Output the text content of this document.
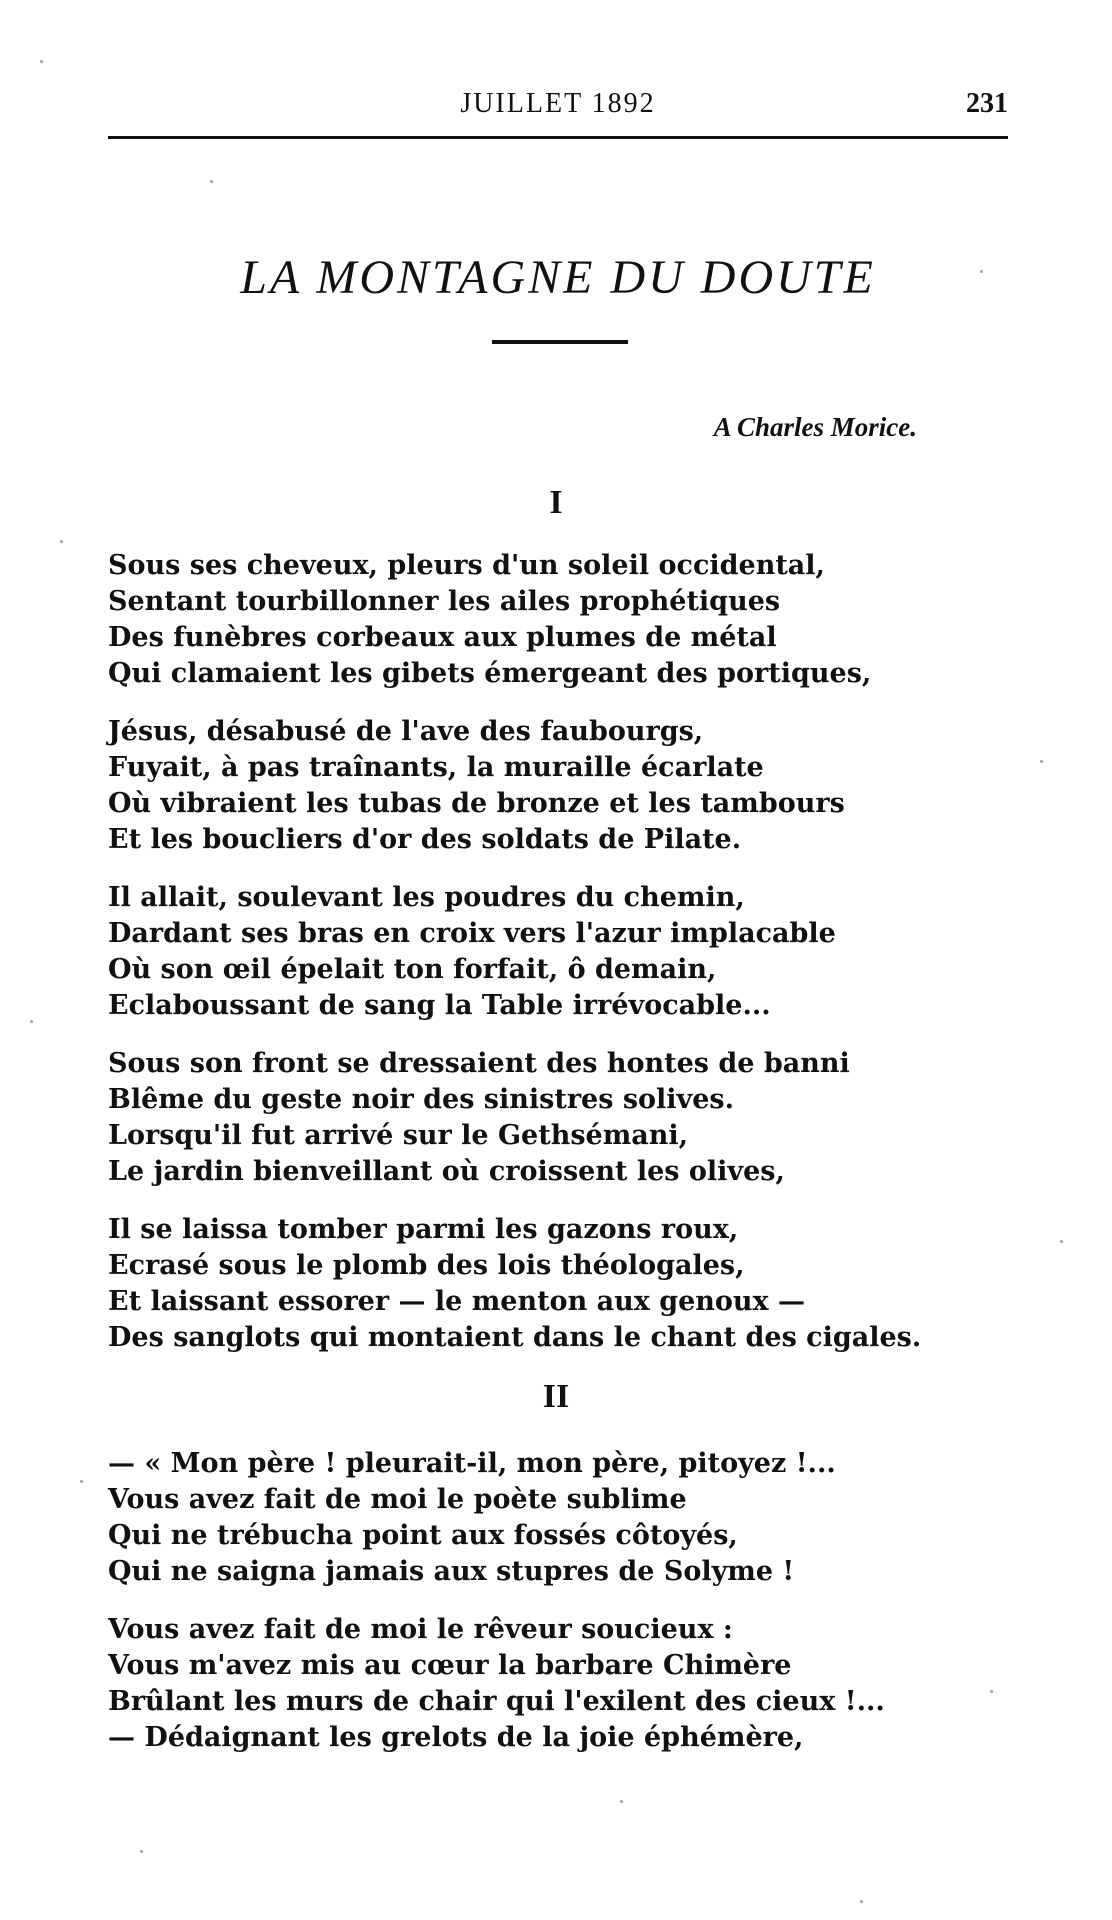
JUILLET 1892	231
LA MONTAGNE DU DOUTE
A Charles Morice.
I
Sous ses cheveux, pleurs d'un soleil occidental,
Sentant tourbillonner les ailes prophétiques
Des funèbres corbeaux aux plumes de métal
Qui clamaient les gibets émergeant des portiques,
Jésus, désabusé de l'ave des faubourgs,
Fuyait, à pas traînants, la muraille écarlate
Où vibraient les tubas de bronze et les tambours
Et les boucliers d'or des soldats de Pilate.
Il allait, soulevant les poudres du chemin,
Dardant ses bras en croix vers l'azur implacable
Où son œil épelait ton forfait, ô demain,
Eclaboussant de sang la Table irrévocable...
Sous son front se dressaient des hontes de banni
Blême du geste noir des sinistres solives.
Lorsqu'il fut arrivé sur le Gethsémani,
Le jardin bienveillant où croissent les olives,
Il se laissa tomber parmi les gazons roux,
Ecrasé sous le plomb des lois théologales,
Et laissant essorer — le menton aux genoux —
Des sanglots qui montaient dans le chant des cigales.
II
— « Mon père ! pleurait-il, mon père, pitoyez !...
Vous avez fait de moi le poète sublime
Qui ne trébucha point aux fossés côtoyés,
Qui ne saigna jamais aux stupres de Solyme !
Vous avez fait de moi le rêveur soucieux :
Vous m'avez mis au cœur la barbare Chimère
Brûlant les murs de chair qui l'exilent des cieux !...
— Dédaignant les grelots de la joie éphémère,
